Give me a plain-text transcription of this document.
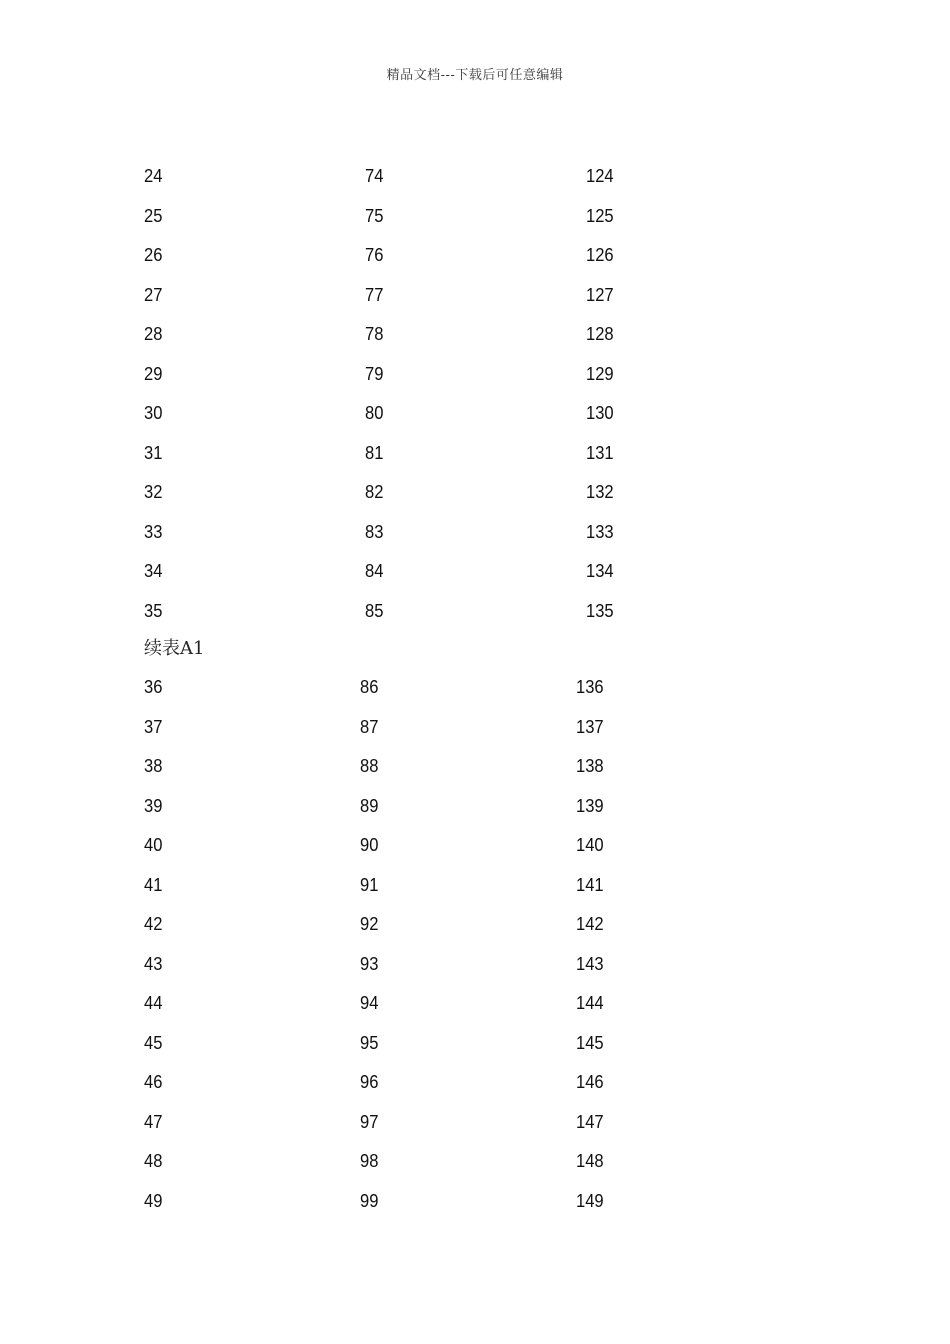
精品文档---下载后可任意编辑
24	74	124
25	75	125
26	76	126
27	77	127
28	78	128
29	79	129
30	80	130
31	81	131
32	82	132
33	83	133
34	84	134
35	85	135
续表A1
36	86	136
37	87	137
38	88	138
39	89	139
40	90	140
41	91	141
42	92	142
43	93	143
44	94	144
45	95	145
46	96	146
47	97	147
48	98	148
49	99	149
